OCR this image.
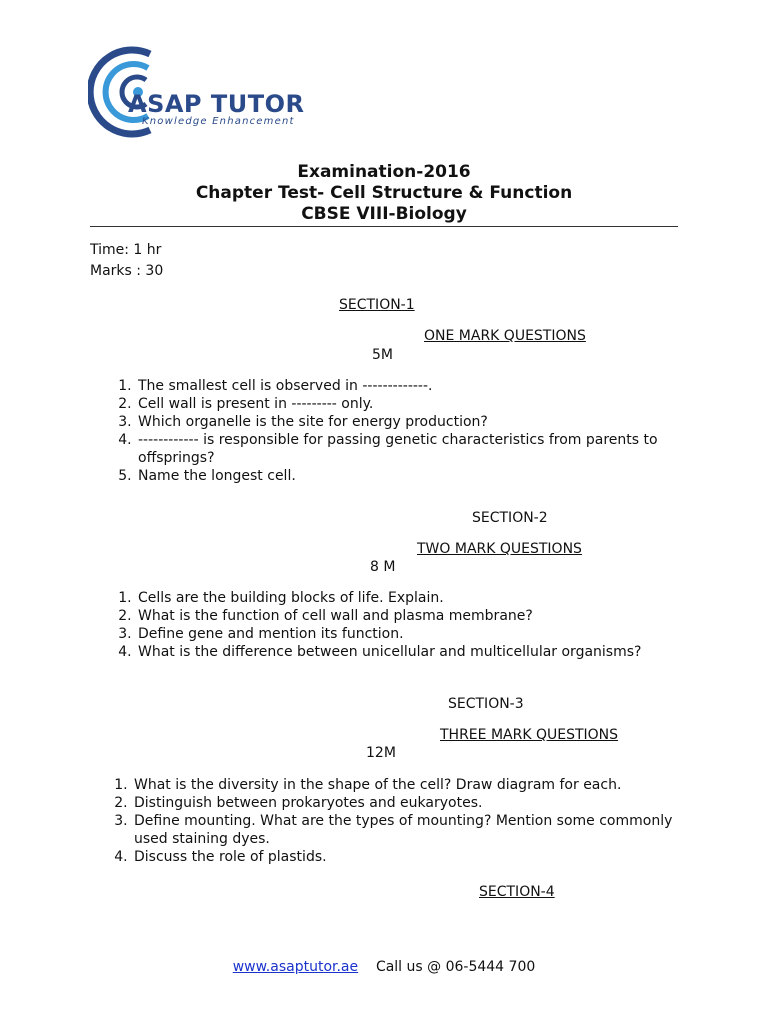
ASAP TUTOR
Knowledge Enhancement
Examination-2016
Chapter Test- Cell Structure & Function
CBSE VIII-Biology
Time: 1 hr
Marks : 30
SECTION-1
ONE MARK QUESTIONS
5M
1. The smallest cell is observed in -------------.
2. Cell wall is present in --------- only.
3. Which organelle is the site for energy production?
4. ------------ is responsible for passing genetic characteristics from parents to offsprings?
5. Name the longest cell.
SECTION-2
TWO MARK QUESTIONS
8 M
1. Cells are the building blocks of life. Explain.
2. What is the function of cell wall and plasma membrane?
3. Define gene and mention its function.
4. What is the difference between unicellular and multicellular organisms?
SECTION-3
THREE MARK QUESTIONS
12M
1. What is the diversity in the shape of the cell? Draw diagram for each.
2. Distinguish between prokaryotes and eukaryotes.
3. Define mounting. What are the types of mounting? Mention some commonly used staining dyes.
4. Discuss the role of plastids.
SECTION-4
www.asaptutor.ae Call us @ 06-5444 700
